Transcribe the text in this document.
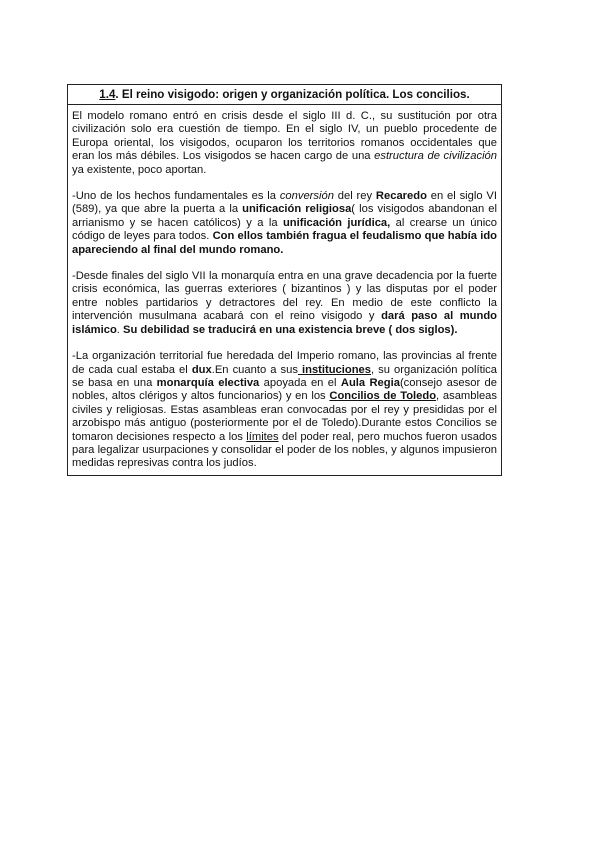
1.4. El reino visigodo: origen y organización política. Los concilios.

El modelo romano entró en crisis desde el siglo III d. C., su sustitución por otra civilización solo era cuestión de tiempo. En el siglo IV, un pueblo procedente de Europa oriental, los visigodos, ocuparon los territorios romanos occidentales que eran los más débiles. Los visigodos se hacen cargo de una estructura de civilización ya existente, poco aportan.

-Uno de los hechos fundamentales es la conversión del rey Recaredo en el siglo VI (589), ya que abre la puerta a la unificación religiosa( los visigodos abandonan el arrianismo y se hacen católicos) y a la unificación jurídica, al crearse un único código de leyes para todos. Con ellos también fragua el feudalismo que había ido apareciendo al final del mundo romano.

-Desde finales del siglo VII la monarquía entra en una grave decadencia por la fuerte crisis económica, las guerras exteriores ( bizantinos ) y las disputas por el poder entre nobles partidarios y detractores del rey. En medio de este conflicto la intervención musulmana acabará con el reino visigodo y dará paso al mundo islámico. Su debilidad se traducirá en una existencia breve ( dos siglos).

-La organización territorial fue heredada del Imperio romano, las provincias al frente de cada cual estaba el dux.En cuanto a sus instituciones, su organización política se basa en una monarquía electiva apoyada en el Aula Regia(consejo asesor de nobles, altos clérigos y altos funcionarios) y en los Concilios de Toledo, asambleas civiles y religiosas. Estas asambleas eran convocadas por el rey y presididas por el arzobispo más antiguo (posteriormente por el de Toledo).Durante estos Concilios se tomaron decisiones respecto a los límites del poder real, pero muchos fueron usados para legalizar usurpaciones y consolidar el poder de los nobles, y algunos impusieron medidas represivas contra los judíos.
